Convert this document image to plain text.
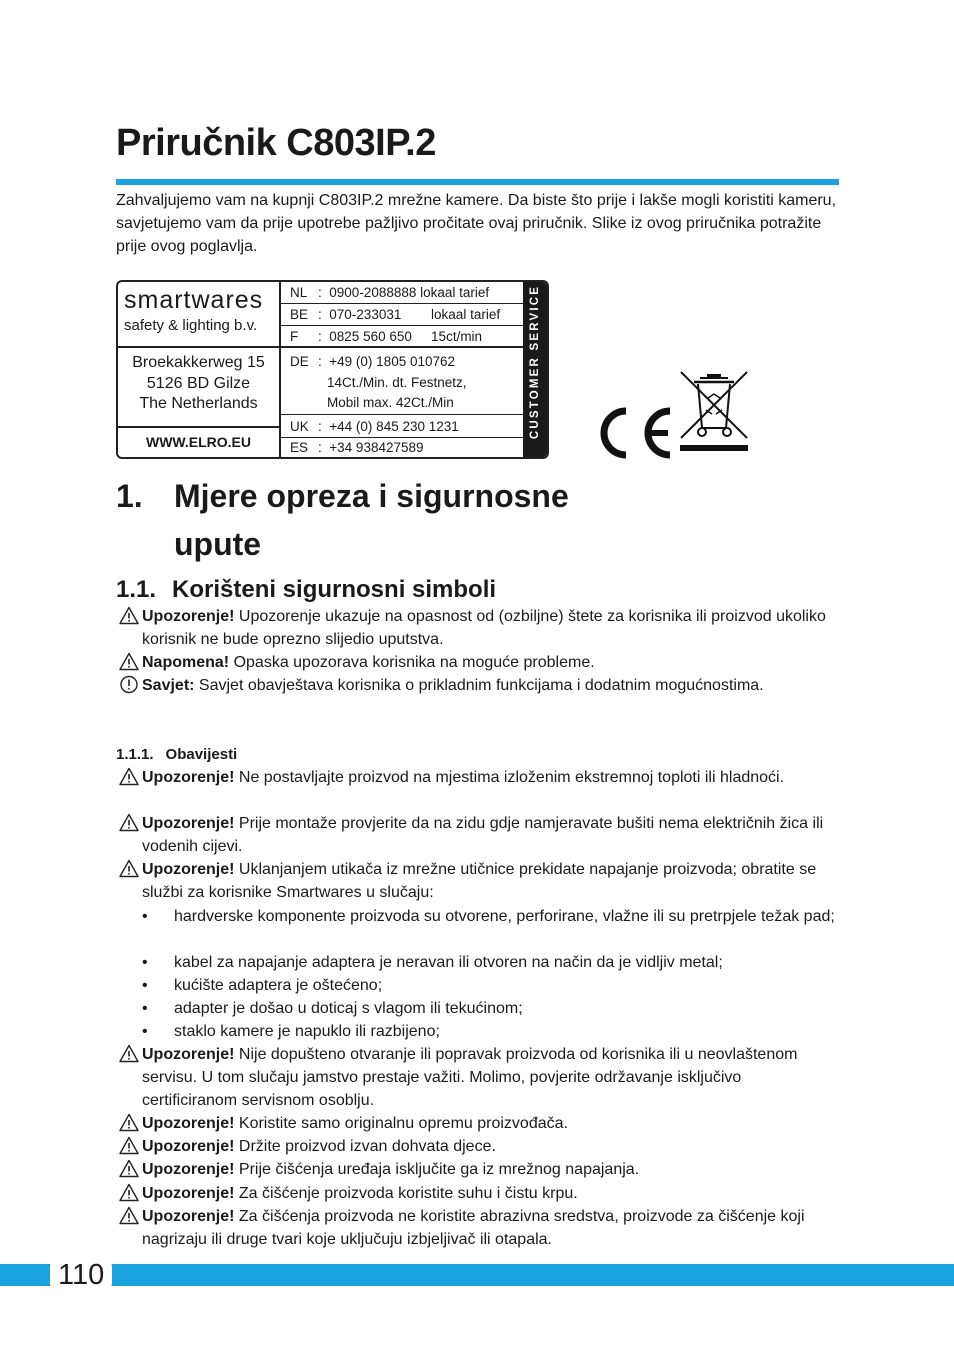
Priručnik C803IP.2

Zahvaljujemo vam na kupnji C803IP.2 mrežne kamere. Da biste što prije i lakše mogli koristiti kameru, savjetujemo vam da prije upotrebe pažljivo pročitate ovaj priručnik. Slike iz ovog priručnika potražite prije ovog poglavlja.

smartwares
safety & lighting b.v.
Broekakkerweg 15
5126 BD Gilze
The Netherlands
WWW.ELRO.EU
NL : 0900-2088888 lokaal tarief
BE : 070-233031 lokaal tarief
F : 0825 560 650 15ct/min
DE : +49 (0) 1805 010762
14Ct./Min. dt. Festnetz,
Mobil max. 42Ct./Min
UK : +44 (0) 845 230 1231
ES : +34 938427589
CUSTOMER SERVICE
1. Mjere opreza i sigurnosne upute
1.1. Korišteni sigurnosni simboli
Upozorenje! Upozorenje ukazuje na opasnost od (ozbiljne) štete za korisnika ili proizvod ukoliko korisnik ne bude oprezno slijedio uputstva.
Napomena! Opaska upozorava korisnika na moguće probleme.
Savjet: Savjet obavještava korisnika o prikladnim funkcijama i dodatnim mogućnostima.
1.1.1. Obavijesti
Upozorenje! Ne postavljajte proizvod na mjestima izloženim ekstremnoj toploti ili hladnoći.
Upozorenje! Prije montaže provjerite da na zidu gdje namjeravate bušiti nema električnih žica ili vodenih cijevi.
Upozorenje! Uklanjanjem utikača iz mrežne utičnice prekidate napajanje proizvoda; obratite se službi za korisnike Smartwares u slučaju:
• hardverske komponente proizvoda su otvorene, perforirane, vlažne ili su pretrpjele težak pad;
• kabel za napajanje adaptera je neravan ili otvoren na način da je vidljiv metal;
• kućište adaptera je oštećeno;
• adapter je došao u doticaj s vlagom ili tekućinom;
• staklo kamere je napuklo ili razbijeno;
Upozorenje! Nije dopušteno otvaranje ili popravak proizvoda od korisnika ili u neovlaštenom servisu. U tom slučaju jamstvo prestaje važiti. Molimo, povjerite održavanje isključivo certificiranom servisnom osoblju.
Upozorenje! Koristite samo originalnu opremu proizvođača.
Upozorenje! Držite proizvod izvan dohvata djece.
Upozorenje! Prije čišćenja uređaja isključite ga iz mrežnog napajanja.
Upozorenje! Za čišćenje proizvoda koristite suhu i čistu krpu.
Upozorenje! Za čišćenja proizvoda ne koristite abrazivna sredstva, proizvode za čišćenje koji nagrizaju ili druge tvari koje uključuju izbjeljivač ili otapala.
110
